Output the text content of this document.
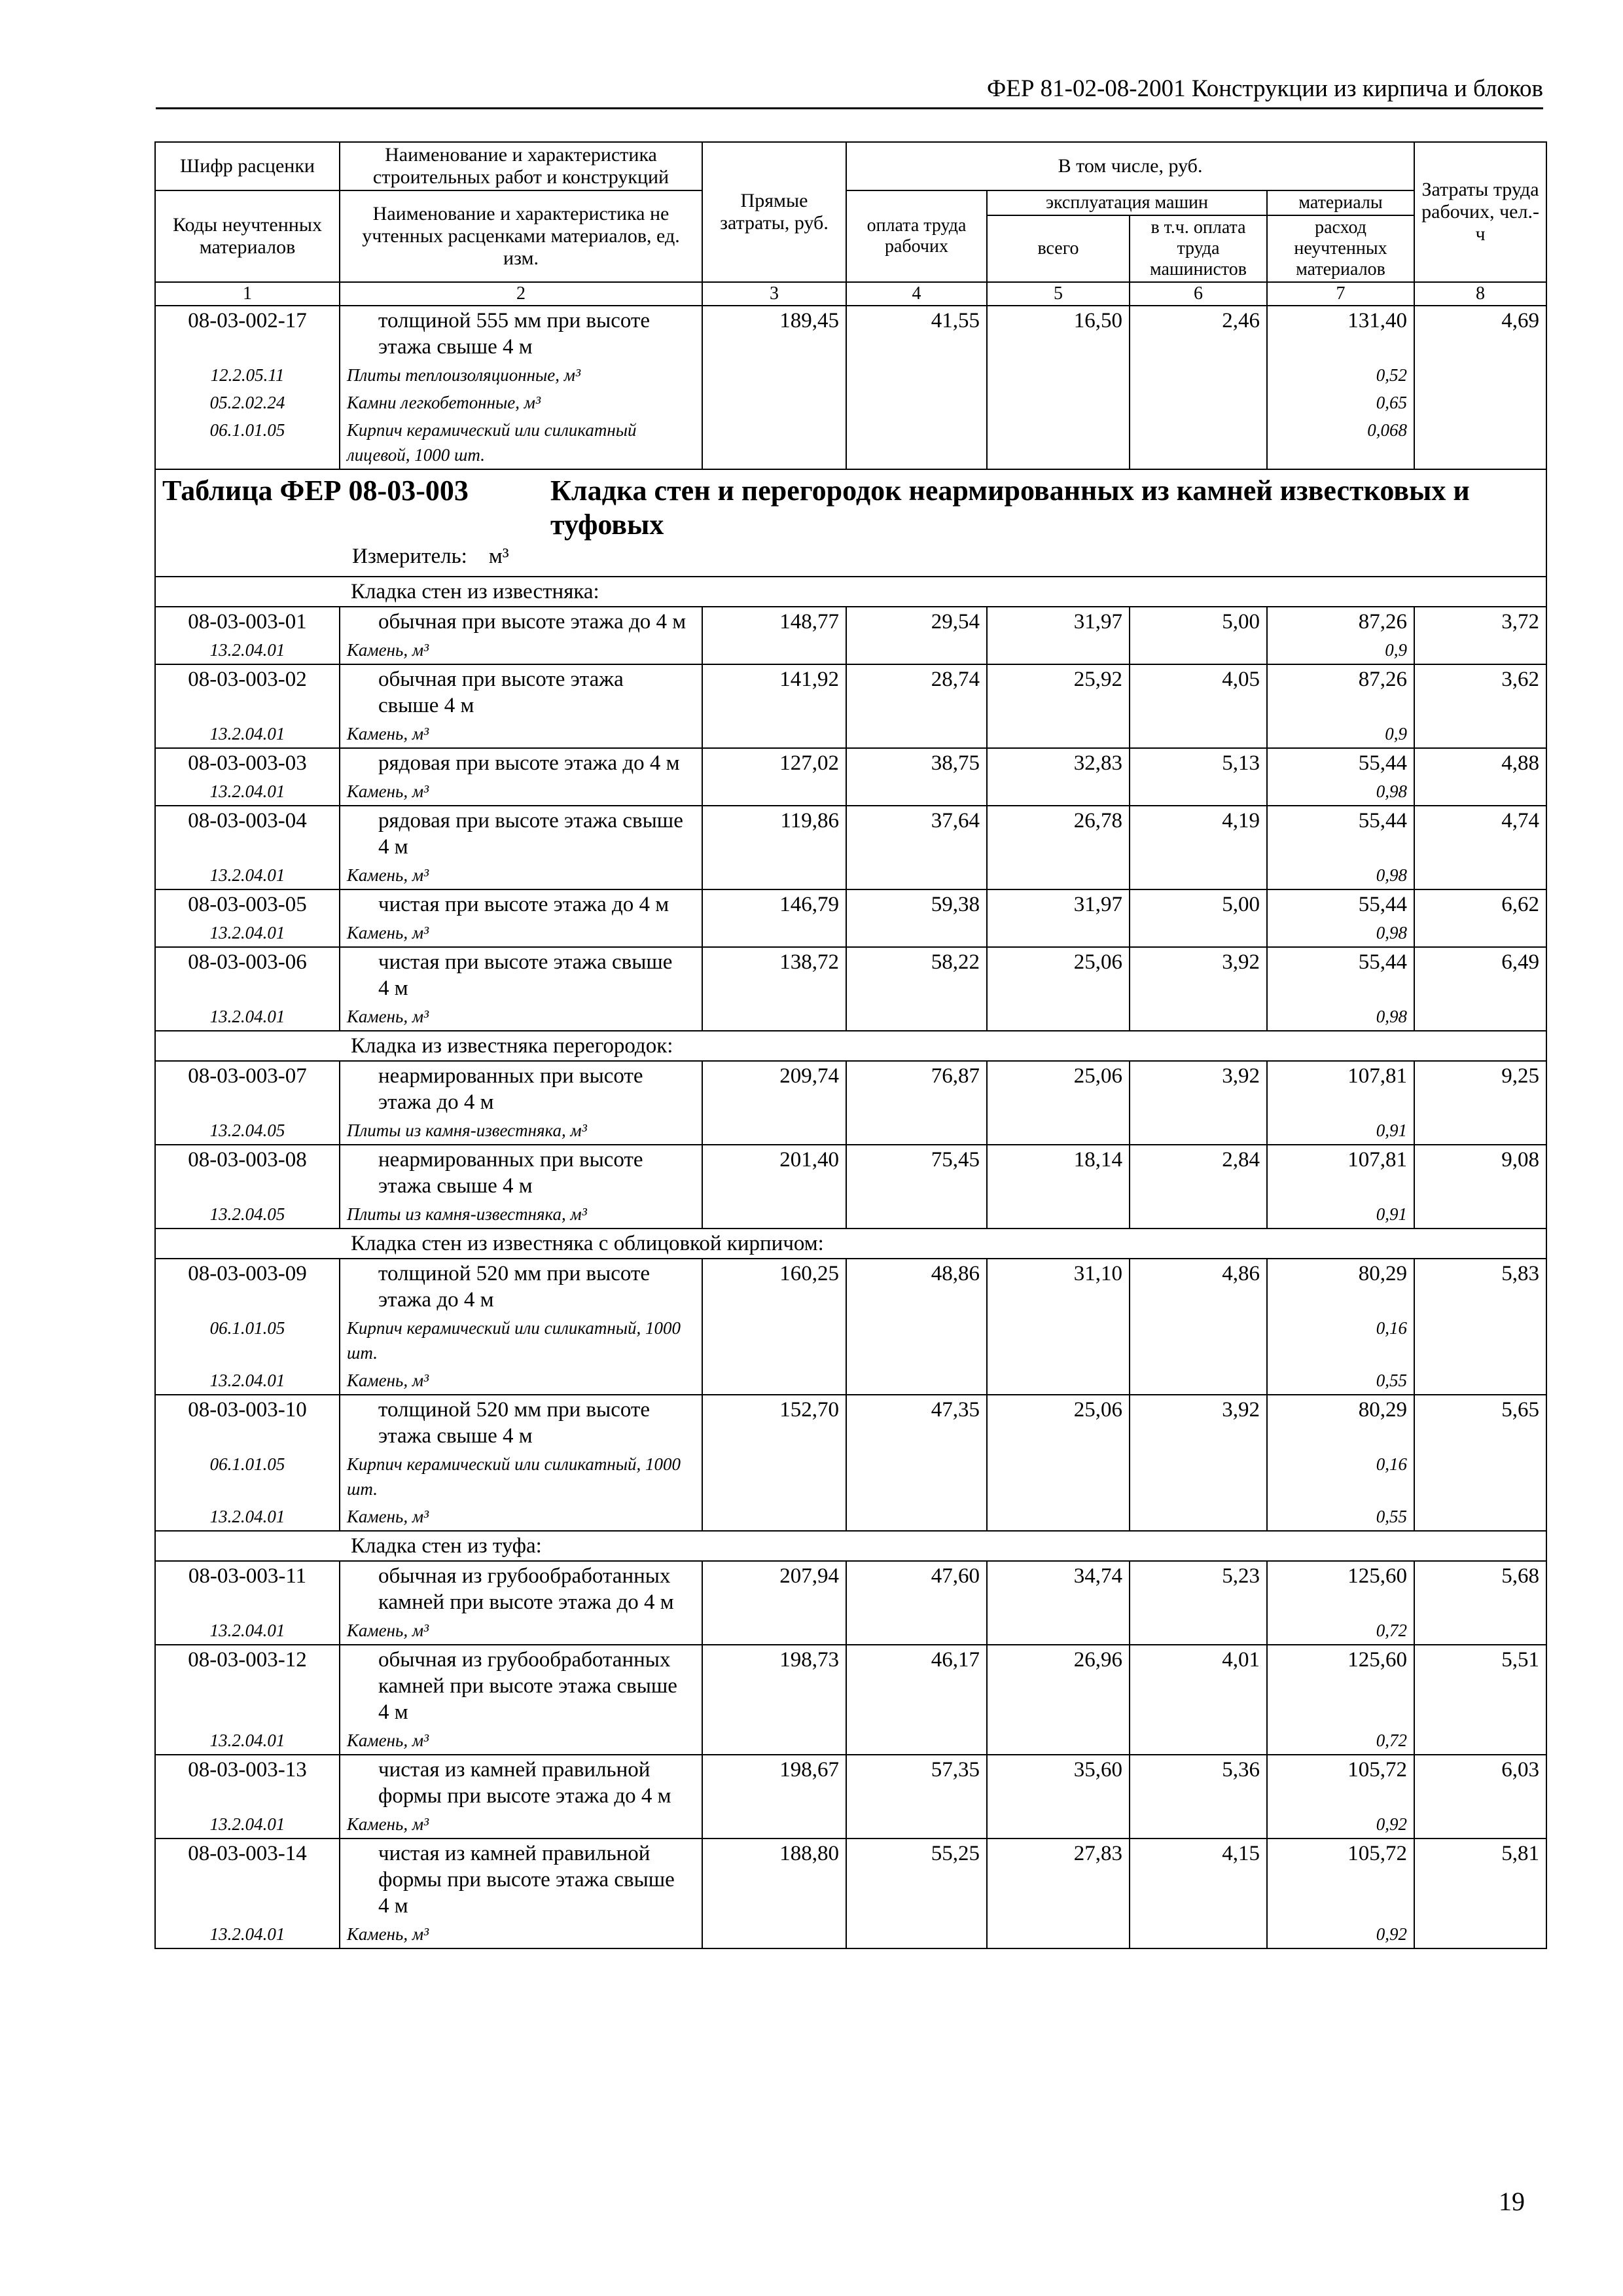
ФЕР 81-02-08-2001 Конструкции из кирпича и блоков
Шифр расценки	Наименование и характеристика строительных работ и конструкций	Прямые затраты, руб.	В том числе, руб.				Затраты труда рабочих, чел.-ч
Коды неучтенных материалов	Наименование и характеристика не учтенных расценками материалов, ед. изм.		оплата труда рабочих	эксплуатация машин		материалы	
				всего	в т.ч. оплата труда машинистов	расход неучтенных материалов	
1	2	3	4	5	6	7	8
08-03-002-17	толщиной 555 мм при высоте этажа свыше 4 м	189,45	41,55	16,50	2,46	131,40	4,69
12.2.05.11	Плиты теплоизоляционные, м³					0,52	
05.2.02.24	Камни легкобетонные, м³					0,65	
06.1.01.05	Кирпич керамический или силикатный лицевой, 1000 шт.					0,068	

Таблица ФЕР 08-03-003 Кладка стен и перегородок неармированных из камней известковых и туфовых
Измеритель: м³							

Кладка стен из известняка:							
08-03-003-01	обычная при высоте этажа до 4 м	148,77	29,54	31,97	5,00	87,26	3,72
13.2.04.01	Камень, м³					0,9	
08-03-003-02	обычная при высоте этажа свыше 4 м	141,92	28,74	25,92	4,05	87,26	3,62
13.2.04.01	Камень, м³					0,9	
08-03-003-03	рядовая при высоте этажа до 4 м	127,02	38,75	32,83	5,13	55,44	4,88
13.2.04.01	Камень, м³					0,98	
08-03-003-04	рядовая при высоте этажа свыше 4 м	119,86	37,64	26,78	4,19	55,44	4,74
13.2.04.01	Камень, м³					0,98	
08-03-003-05	чистая при высоте этажа до 4 м	146,79	59,38	31,97	5,00	55,44	6,62
13.2.04.01	Камень, м³					0,98	
08-03-003-06	чистая при высоте этажа свыше 4 м	138,72	58,22	25,06	3,92	55,44	6,49
13.2.04.01	Камень, м³					0,98	
Кладка из известняка перегородок:							
08-03-003-07	неармированных при высоте этажа до 4 м	209,74	76,87	25,06	3,92	107,81	9,25
13.2.04.05	Плиты из камня-известняка, м³					0,91	
08-03-003-08	неармированных при высоте этажа свыше 4 м	201,40	75,45	18,14	2,84	107,81	9,08
13.2.04.05	Плиты из камня-известняка, м³					0,91	
Кладка стен из известняка с облицовкой кирпичом:							
08-03-003-09	толщиной 520 мм при высоте этажа до 4 м	160,25	48,86	31,10	4,86	80,29	5,83
06.1.01.05	Кирпич керамический или силикатный, 1000 шт.					0,16	
13.2.04.01	Камень, м³					0,55	
08-03-003-10	толщиной 520 мм при высоте этажа свыше 4 м	152,70	47,35	25,06	3,92	80,29	5,65
06.1.01.05	Кирпич керамический или силикатный, 1000 шт.					0,16	
13.2.04.01	Камень, м³					0,55	
Кладка стен из туфа:							
08-03-003-11	обычная из грубообработанных камней при высоте этажа до 4 м	207,94	47,60	34,74	5,23	125,60	5,68
13.2.04.01	Камень, м³					0,72	
08-03-003-12	обычная из грубообработанных камней при высоте этажа свыше 4 м	198,73	46,17	26,96	4,01	125,60	5,51
13.2.04.01	Камень, м³					0,72	
08-03-003-13	чистая из камней правильной формы при высоте этажа до 4 м	198,67	57,35	35,60	5,36	105,72	6,03
13.2.04.01	Камень, м³					0,92	
08-03-003-14	чистая из камней правильной формы при высоте этажа свыше 4 м	188,80	55,25	27,83	4,15	105,72	5,81
13.2.04.01	Камень, м³					0,92	
19
